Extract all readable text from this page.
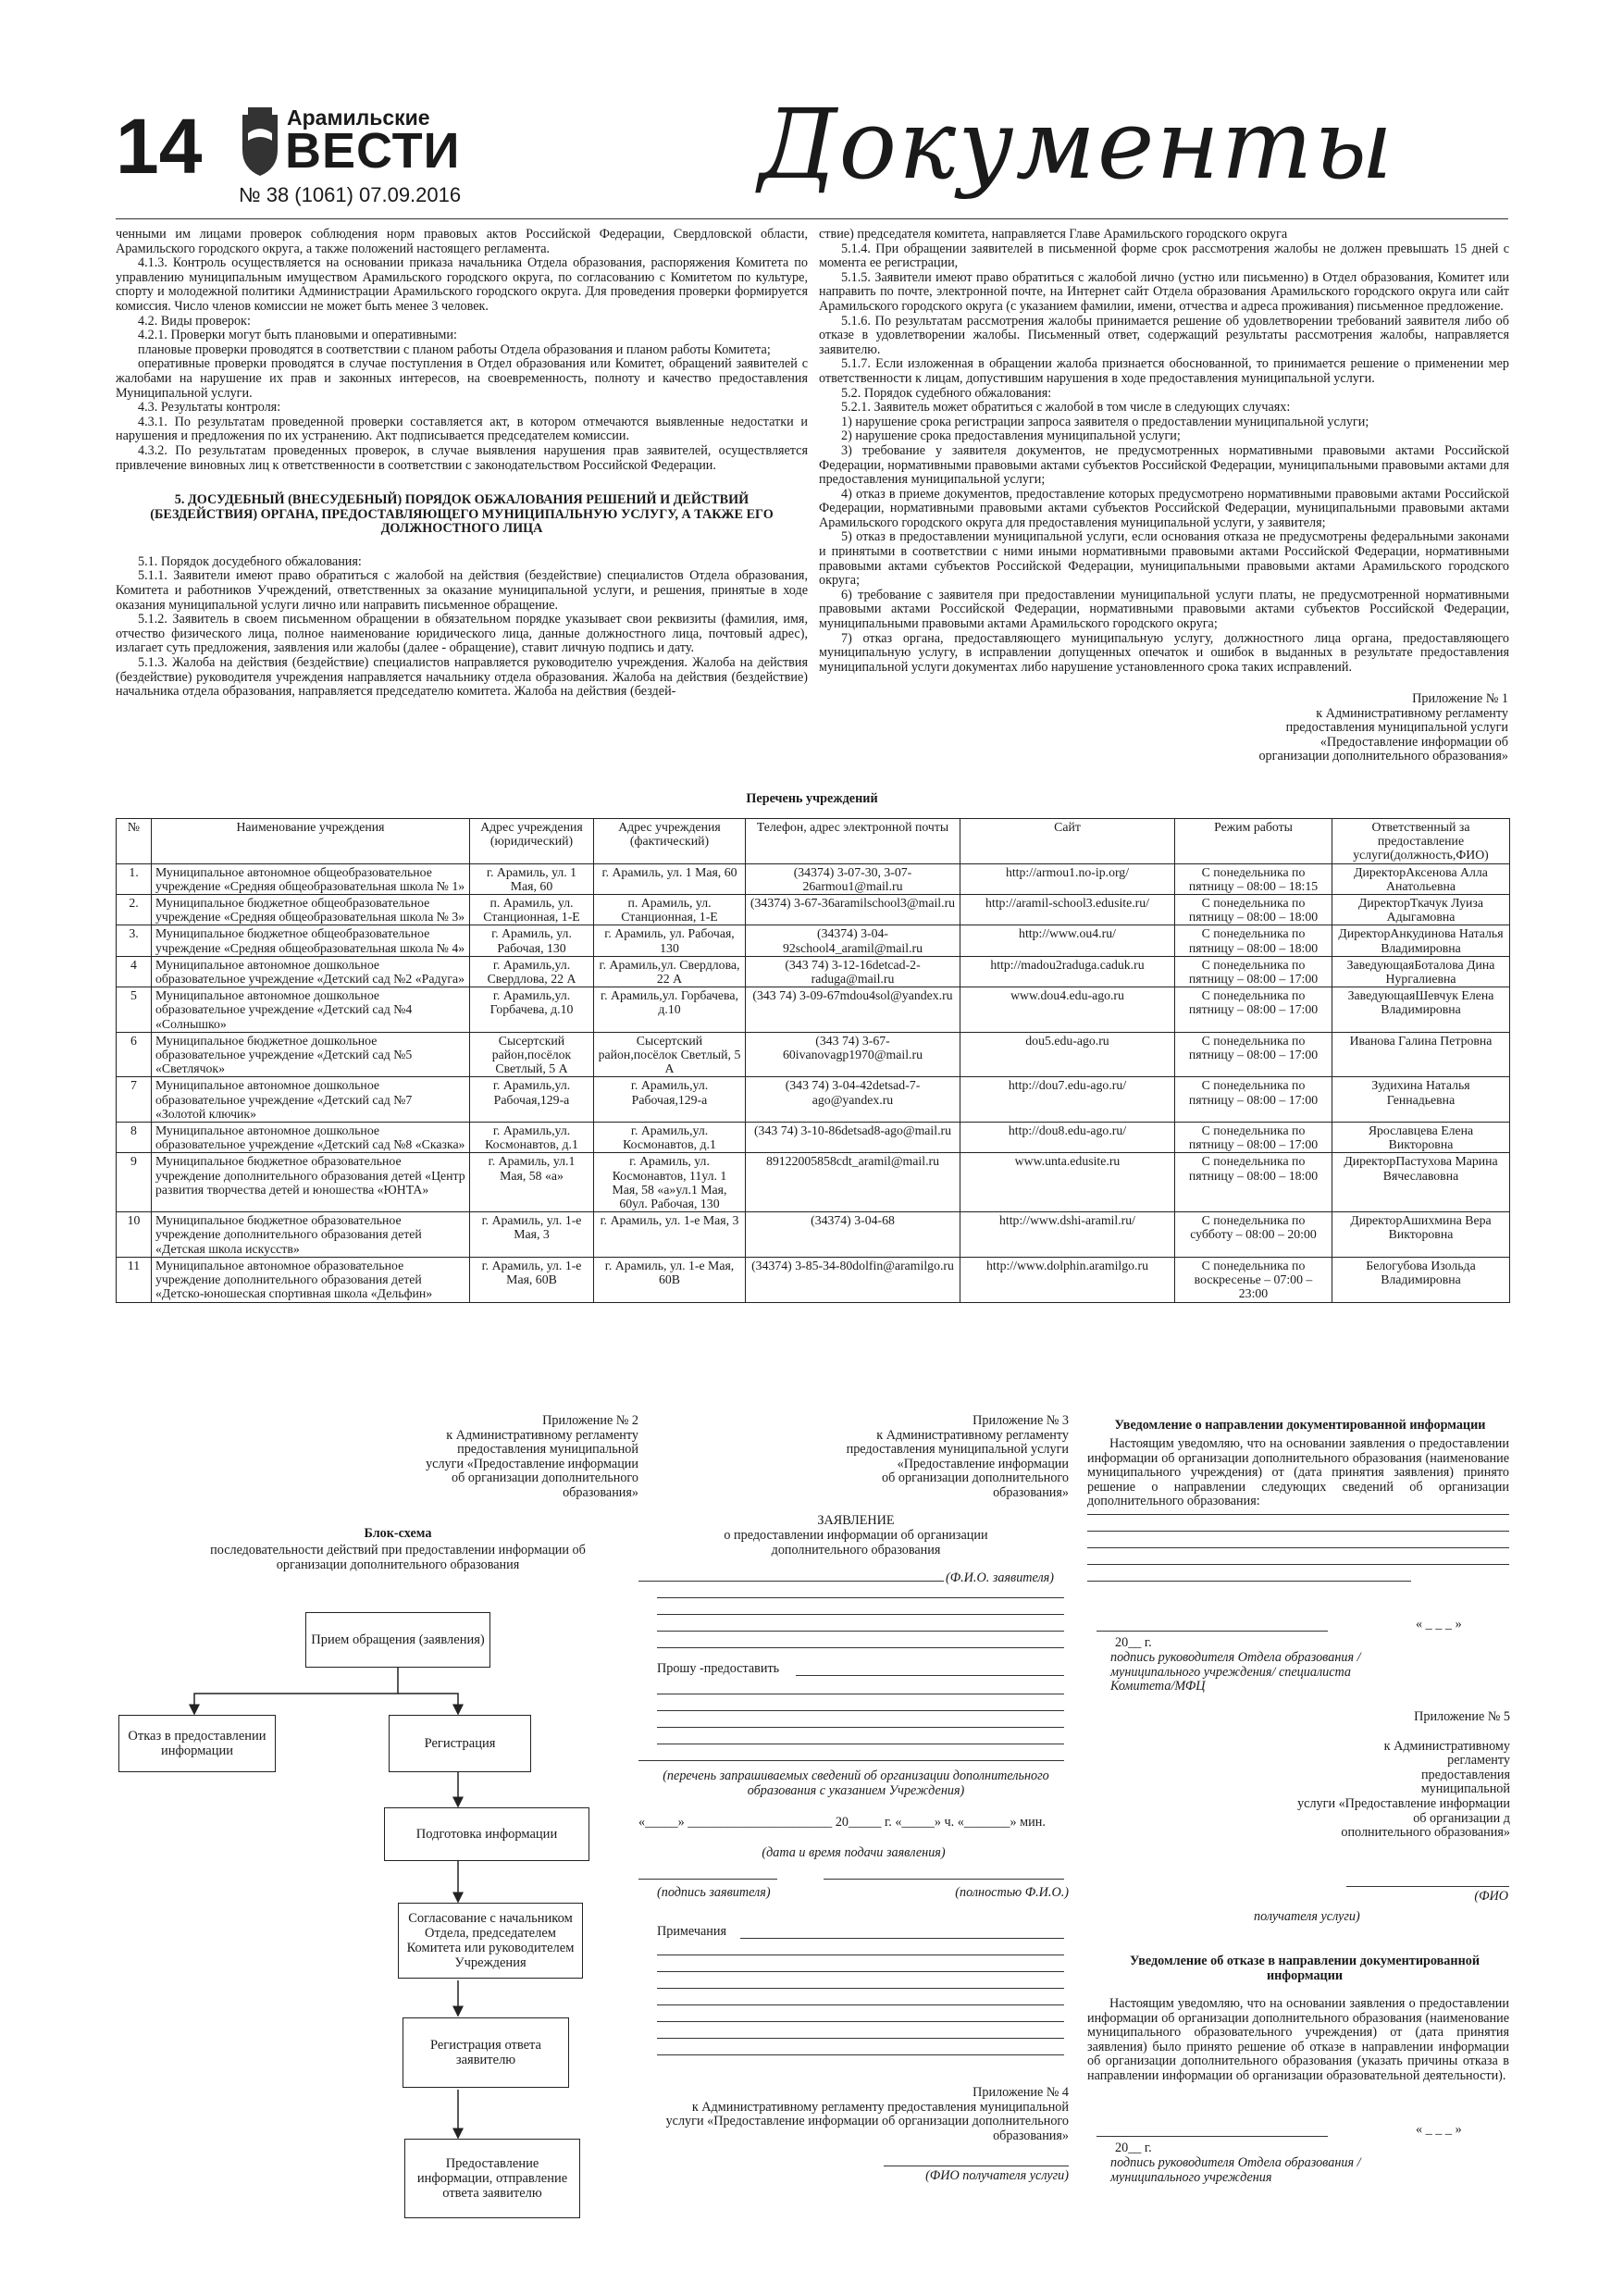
14	Арамильские
ВЕСТИ
№ 38 (1061) 07.09.2016	Документы

ченными им лицами проверок соблюдения норм правовых актов Российской Федерации, Свердловской области, Арамильского городского округа, а также положений настоящего регламента.

4.1.3. Контроль осуществляется на основании приказа начальника Отдела образования, распоряжения Комитета по управлению муниципальным имуществом Арамильского городского округа, по согласованию с Комитетом по культуре, спорту и молодежной политики Администрации Арамильского городского округа. Для проведения проверки формируется комиссия. Число членов комиссии не может быть менее 3 человек.

4.2. Виды проверок:

4.2.1. Проверки могут быть плановыми и оперативными:

плановые проверки проводятся в соответствии с планом работы Отдела образования и планом работы Комитета;

оперативные проверки проводятся в случае поступления в Отдел образования или Комитет, обращений заявителей с жалобами на нарушение их прав и законных интересов, на своевременность, полноту и качество предоставления Муниципальной услуги.

4.3. Результаты контроля:

4.3.1. По результатам проведенной проверки составляется акт, в котором отмечаются выявленные недостатки и нарушения и предложения по их устранению. Акт подписывается председателем комиссии.

4.3.2. По результатам проведенных проверок, в случае выявления нарушения прав заявителей, осуществляется привлечение виновных лиц к ответственности в соответствии с законодательством Российской Федерации.

5. ДОСУДЕБНЫЙ (ВНЕСУДЕБНЫЙ) ПОРЯДОК ОБЖАЛОВАНИЯ РЕШЕНИЙ И ДЕЙСТВИЙ (БЕЗДЕЙСТВИЯ) ОРГАНА, ПРЕДОСТАВЛЯЮЩЕГО МУНИЦИПАЛЬНУЮ УСЛУГУ, А ТАКЖЕ ЕГО ДОЛЖНОСТНОГО ЛИЦА

5.1. Порядок досудебного обжалования:

5.1.1. Заявители имеют право обратиться с жалобой на действия (бездействие) специалистов Отдела образования, Комитета и работников Учреждений, ответственных за оказание муниципальной услуги, и решения, принятые в ходе оказания муниципальной услуги лично или направить письменное обращение.

5.1.2. Заявитель в своем письменном обращении в обязательном порядке указывает свои реквизиты (фамилия, имя, отчество физического лица, полное наименование юридического лица, данные должностного лица, почтовый адрес), излагает суть предложения, заявления или жалобы (далее - обращение), ставит личную подпись и дату.

5.1.3. Жалоба на действия (бездействие) специалистов направляется руководителю учреждения. Жалоба на действия (бездействие) руководителя учреждения направляется начальнику отдела образования. Жалоба на действия (бездействие) начальника отдела образования, направляется председателю комитета. Жалоба на действия (бездей-

ствие) председателя комитета, направляется Главе Арамильского городского округа

5.1.4. При обращении заявителей в письменной форме срок рассмотрения жалобы не должен превышать 15 дней с момента ее регистрации,

5.1.5. Заявители имеют право обратиться с жалобой лично (устно или письменно) в Отдел образования, Комитет или направить по почте, электронной почте, на Интернет сайт Отдела образования Арамильского городского округа или сайт Арамильского городского округа (с указанием фамилии, имени, отчества и адреса проживания) письменное предложение.

5.1.6. По результатам рассмотрения жалобы принимается решение об удовлетворении требований заявителя либо об отказе в удовлетворении жалобы. Письменный ответ, содержащий результаты рассмотрения жалобы, направляется заявителю.

5.1.7. Если изложенная в обращении жалоба признается обоснованной, то принимается решение о применении мер ответственности к лицам, допустившим нарушения в ходе предоставления муниципальной услуги.

5.2. Порядок судебного обжалования:

5.2.1. Заявитель может обратиться с жалобой в том числе в следующих случаях:

1) нарушение срока регистрации запроса заявителя о предоставлении муниципальной услуги;

2) нарушение срока предоставления муниципальной услуги;

3) требование у заявителя документов, не предусмотренных нормативными правовыми актами Российской Федерации, нормативными правовыми актами субъектов Российской Федерации, муниципальными правовыми актами для предоставления муниципальной услуги;

4) отказ в приеме документов, предоставление которых предусмотрено нормативными правовыми актами Российской Федерации, нормативными правовыми актами субъектов Российской Федерации, муниципальными правовыми актами Арамильского городского округа для предоставления муниципальной услуги, у заявителя;

5) отказ в предоставлении муниципальной услуги, если основания отказа не предусмотрены федеральными законами и принятыми в соответствии с ними иными нормативными правовыми актами Российской Федерации, нормативными правовыми актами субъектов Российской Федерации, муниципальными правовыми актами Арамильского городского округа;

6) требование с заявителя при предоставлении муниципальной услуги платы, не предусмотренной нормативными правовыми актами Российской Федерации, нормативными правовыми актами субъектов Российской Федерации, муниципальными правовыми актами Арамильского городского округа;

7) отказ органа, предоставляющего муниципальную услугу, должностного лица органа, предоставляющего муниципальную услугу, в исправлении допущенных опечаток и ошибок в выданных в результате предоставления муниципальной услуги документах либо нарушение установленного срока таких исправлений.

Приложение № 1
к Административному регламенту
предоставления муниципальной услуги
«Предоставление информации об
организации дополнительного образования»
Перечень учреждений
№	Наименование учреждения	Адрес учреждения (юридический)	Адрес учреждения (фактический)	Телефон, адрес электронной почты	Сайт	Режим работы	Ответственный за предоставление услуги(должность,ФИО)
1.	Муниципальное автономное общеобразовательное учреждение «Средняя общеобразовательная школа № 1»	г. Арамиль, ул. 1 Мая, 60	г. Арамиль, ул. 1 Мая, 60	(34374) 3-07-30, 3-07-26armou1@mail.ru	http://armou1.no-ip.org/	С понедельника по пятницу – 08:00 – 18:15	ДиректорАксенова Алла Анатольевна
2.	Муниципальное бюджетное общеобразовательное учреждение «Средняя общеобразовательная школа № 3»	п. Арамиль, ул. Станционная, 1-Е	п. Арамиль, ул. Станционная, 1-Е	(34374) 3-67-36aramilschool3@mail.ru	http://aramil-school3.edusite.ru/	С понедельника по пятницу – 08:00 – 18:00	ДиректорТкачук Луиза Адыгамовна
3.	Муниципальное бюджетное общеобразовательное учреждение «Средняя общеобразовательная школа № 4»	г. Арамиль, ул. Рабочая, 130	г. Арамиль, ул. Рабочая, 130	(34374) 3-04-92school4_aramil@mail.ru	http://www.ou4.ru/	С понедельника по пятницу – 08:00 – 18:00	ДиректорАнкудинова Наталья Владимировна
4	Муниципальное автономное дошкольное образовательное учреждение «Детский сад №2 «Радуга»	г. Арамиль,ул. Свердлова, 22 А	г. Арамиль,ул. Свердлова, 22 А	(343 74) 3-12-16detcad-2-raduga@mail.ru	http://madou2raduga.caduk.ru	С понедельника по пятницу – 08:00 – 17:00	ЗаведующаяБоталова Дина Нургалиевна
5	Муниципальное автономное дошкольное образовательное учреждение «Детский сад №4 «Солнышко»	г. Арамиль,ул. Горбачева, д.10	г. Арамиль,ул. Горбачева, д.10	(343 74) 3-09-67mdou4sol@yandex.ru	www.dou4.edu-ago.ru	С понедельника по пятницу – 08:00 – 17:00	ЗаведующаяШевчук Елена Владимировна
6	Муниципальное бюджетное дошкольное образовательное учреждение «Детский сад №5 «Светлячок»	Сысертский район,посёлок Светлый, 5 А	Сысертский район,посёлок Светлый, 5 А	(343 74) 3-67-60ivanovagp1970@mail.ru	dou5.edu-ago.ru	С понедельника по пятницу – 08:00 – 17:00	Иванова Галина Петровна
7	Муниципальное автономное дошкольное образовательное учреждение «Детский сад №7 «Золотой ключик»	г. Арамиль,ул. Рабочая,129-а	г. Арамиль,ул. Рабочая,129-а	(343 74) 3-04-42detsad-7-ago@yandex.ru	http://dou7.edu-ago.ru/	С понедельника по пятницу – 08:00 – 17:00	Зудихина Наталья Геннадьевна
8	Муниципальное автономное дошкольное образовательное учреждение «Детский сад №8 «Сказка»	г. Арамиль,ул. Космонавтов, д.1	г. Арамиль,ул. Космонавтов, д.1	(343 74) 3-10-86detsad8-ago@mail.ru	http://dou8.edu-ago.ru/	С понедельника по пятницу – 08:00 – 17:00	Ярославцева Елена Викторовна
9	Муниципальное бюджетное образовательное учреждение дополнительного образования детей «Центр развития творчества детей и юношества «ЮНТА»	г. Арамиль, ул.1 Мая, 58 «а»	г. Арамиль, ул. Космонавтов, 11ул. 1 Мая, 58 «а»ул.1 Мая, 60ул. Рабочая, 130	89122005858cdt_aramil@mail.ru	www.unta.edusite.ru	С понедельника по пятницу – 08:00 – 18:00	ДиректорПастухова Марина Вячеславовна
10	Муниципальное бюджетное образовательное учреждение дополнительного образования детей «Детская школа искусств»	г. Арамиль, ул. 1-е Мая, 3	г. Арамиль, ул. 1-е Мая, 3	(34374) 3-04-68	http://www.dshi-aramil.ru/	С понедельника по субботу – 08:00 – 20:00	ДиректорАшихмина Вера Викторовна
11	Муниципальное автономное образовательное учреждение дополнительного образования детей «Детско-юношеская спортивная школа «Дельфин»	г. Арамиль, ул. 1-е Мая, 60В	г. Арамиль, ул. 1-е Мая, 60В	(34374) 3-85-34-80dolfin@aramilgo.ru	http://www.dolphin.aramilgo.ru	С понедельника по воскресенье – 07:00 – 23:00	Белогубова Изольда Владимировна
Приложение № 2
к Административному регламенту
предоставления муниципальной
услуги «Предоставление информации
об организации дополнительного
образования»
Блок-схема
последовательности действий при предоставлении информации об организации дополнительного образования
Прием обращения (заявления)
Отказ в предоставлении информации	Регистрация
Подготовка информации
Согласование с начальником Отдела, председателем Комитета или руководителем Учреждения
Регистрация ответа заявителю
Предоставление информации, отправление ответа заявителю
Приложение № 3
к Административному регламенту
предоставления муниципальной услуги
«Предоставление информации
об организации дополнительного
образования»
ЗАЯВЛЕНИЕ
о предоставлении информации об организации дополнительного образования
(Ф.И.О. заявителя)
Прошу -предоставить
(перечень запрашиваемых сведений об организации дополнительного образования с указанием Учреждения)
«_____» ______________________ 20_____ г. «_____» ч. «_______» мин.
(дата и время подачи заявления)
(подпись заявителя)	(полностью Ф.И.О.)
Примечания
Приложение № 4
к Административному регламенту предоставления муниципальной
услуги «Предоставление информации об организации дополнительного образования»
(ФИО получателя услуги)
Уведомление о направлении документированной информации

Настоящим уведомляю, что на основании заявления о предоставлении информации об организации дополнительного образования (наименование муниципального учреждения) от (дата принятия заявления) принято решение о направлении следующих сведений об организации дополнительного образования:

« _ _ _ »
20__ г.
подпись руководителя Отдела образования /муниципального учреждения/ специалиста Комитета/МФЦ
Приложение № 5
к Административному
регламенту
предоставления
муниципальной
услуги «Предоставление информации
об организации д
ополнительного образования»
(ФИО
получателя услуги)
Уведомление об отказе в направлении документированной информации

Настоящим уведомляю, что на основании заявления о предоставлении информации об организации дополнительного образования (наименование муниципального образовательного учреждения) от (дата принятия заявления) было принято решение об отказе в направлении информации об организации дополнительного образования (указать причины отказа в направлении информации об организации образовательной деятельности).

« _ _ _ »
20__ г.
подпись руководителя Отдела образования /муниципального учреждения
